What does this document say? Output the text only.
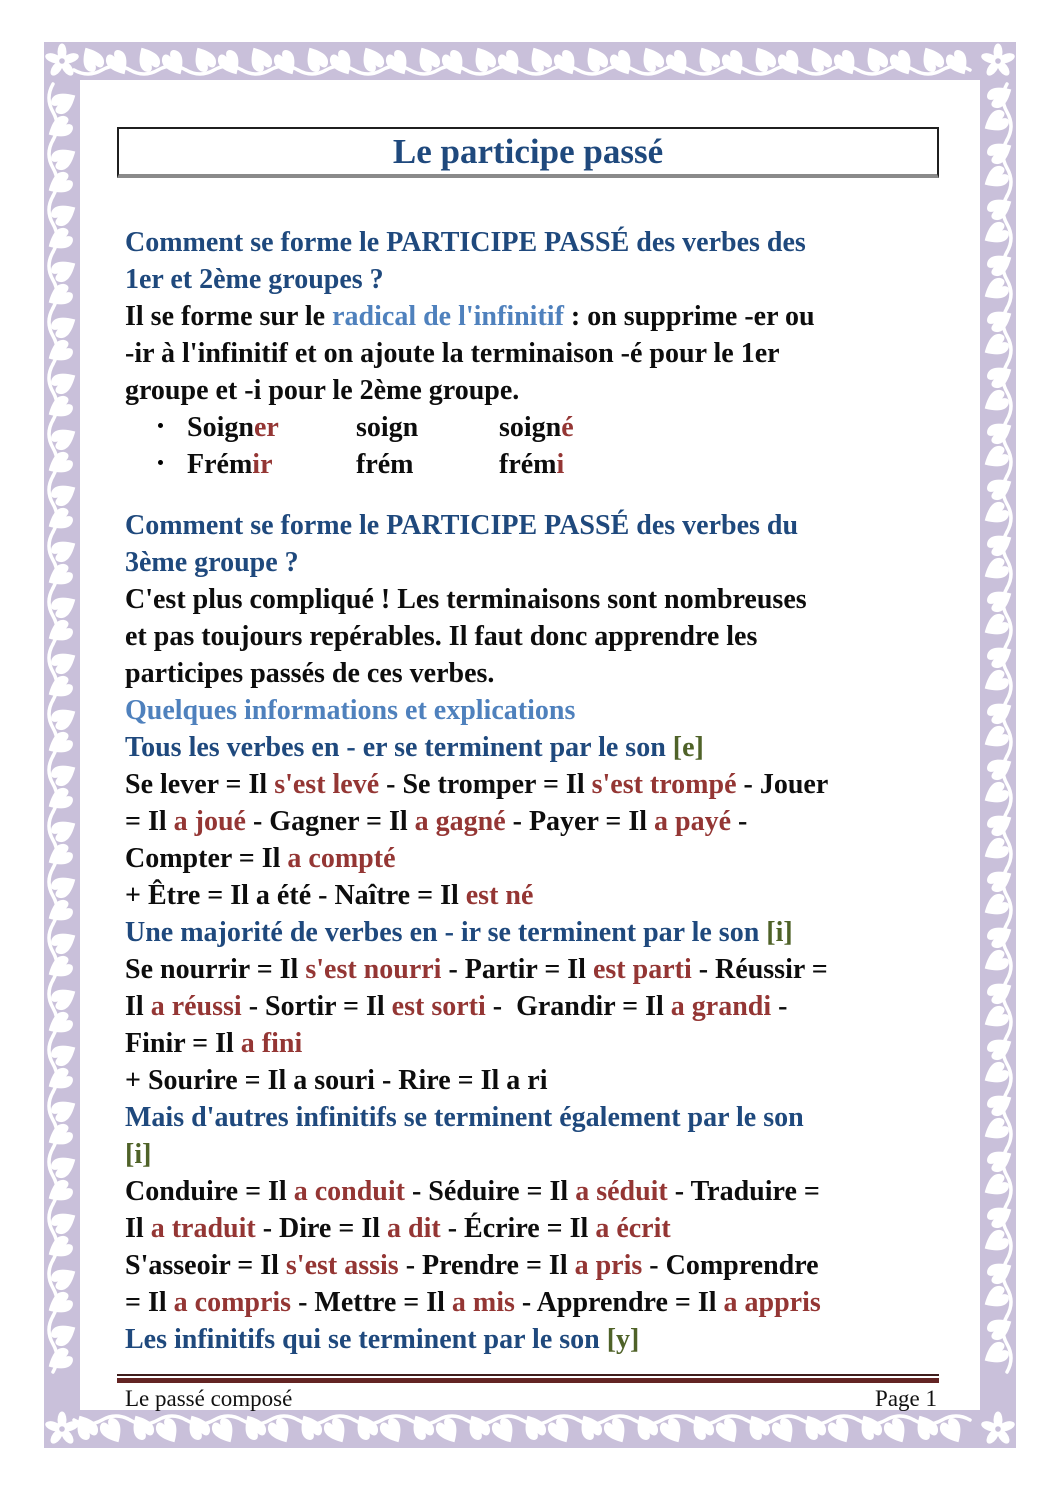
Le participe passé
Comment se forme le PARTICIPE PASSÉ des verbes des
1er et 2ème groupes ?
Il se forme sur le radical de l'infinitif : on supprime -er ou
-ir à l'infinitif et on ajoute la terminaison -é pour le 1er
groupe et -i pour le 2ème groupe.
Soigner	soign	soigné
Frémir	frém	frémi
Comment se forme le PARTICIPE PASSÉ des verbes du
3ème groupe ?
C'est plus compliqué ! Les terminaisons sont nombreuses
et pas toujours repérables. Il faut donc apprendre les
participes passés de ces verbes.
Quelques informations et explications
Tous les verbes en - er se terminent par le son [e]
Se lever = Il s'est levé - Se tromper = Il s'est trompé - Jouer
= Il a joué - Gagner = Il a gagné - Payer = Il a payé -
Compter = Il a compté
+ Être = Il a été - Naître = Il est né
Une majorité de verbes en - ir se terminent par le son [i]
Se nourrir = Il s'est nourri - Partir = Il est parti - Réussir =
Il a réussi - Sortir = Il est sorti -  Grandir = Il a grandi -
Finir = Il a fini
+ Sourire = Il a souri - Rire = Il a ri
Mais d'autres infinitifs se terminent également par le son
[i]
Conduire = Il a conduit - Séduire = Il a séduit - Traduire =
Il a traduit - Dire = Il a dit - Écrire = Il a écrit
S'asseoir = Il s'est assis - Prendre = Il a pris - Comprendre
= Il a compris - Mettre = Il a mis - Apprendre = Il a appris
Les infinitifs qui se terminent par le son [y]
Le passé composé	Page 1
